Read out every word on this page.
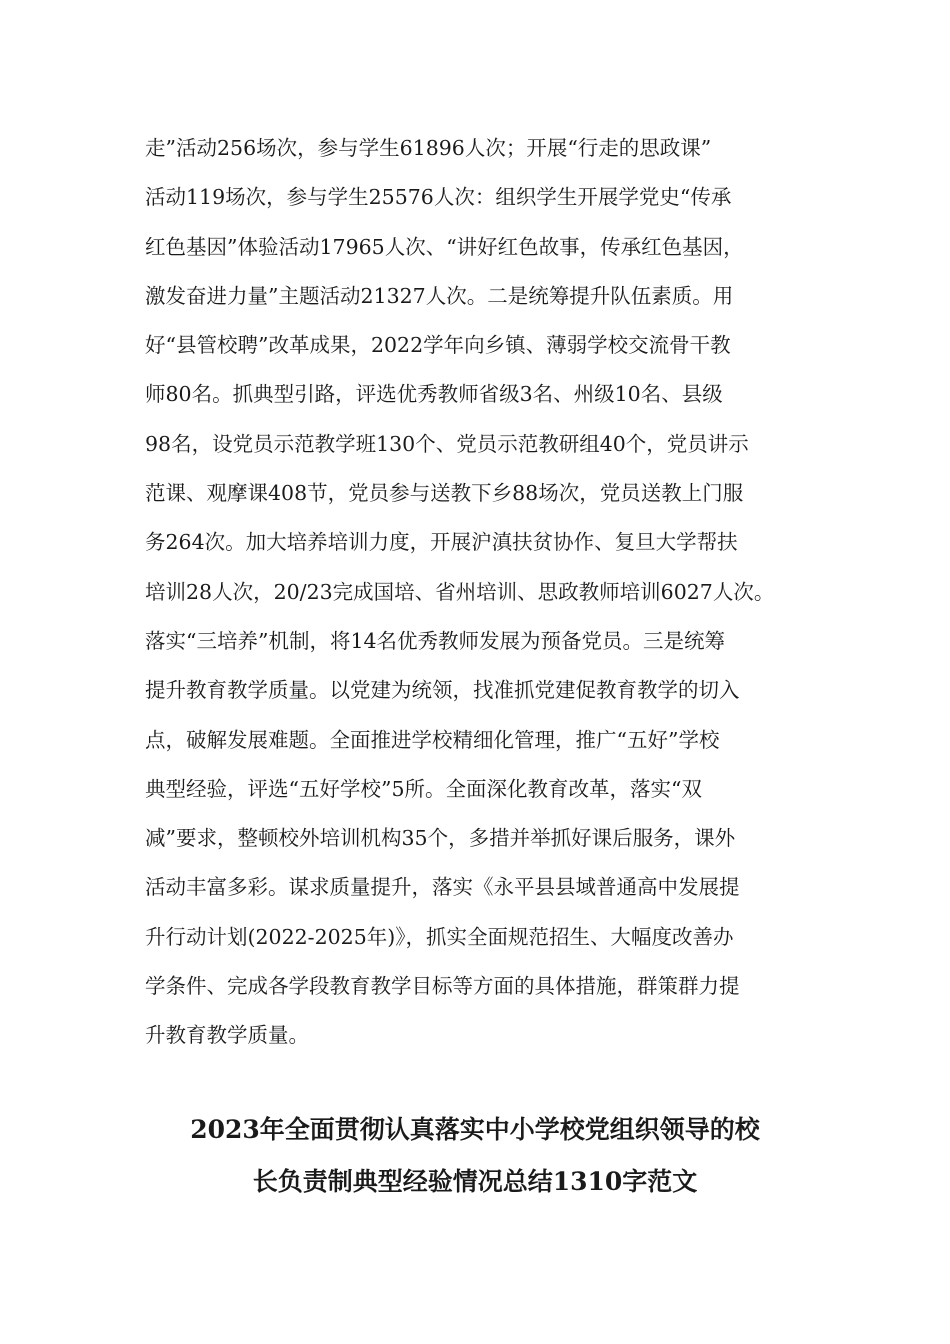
走”活动256场次，参与学生61896人次；开展“行走的思政课”
活动119场次，参与学生25576人次：组织学生开展学党史“传承
红色基因”体验活动17965人次、“讲好红色故事，传承红色基因，
激发奋进力量”主题活动21327人次。二是统筹提升队伍素质。用
好“县管校聘”改革成果，2022学年向乡镇、薄弱学校交流骨干教
师80名。抓典型引路，评选优秀教师省级3名、州级10名、县级
98名，设党员示范教学班130个、党员示范教研组40个，党员讲示
范课、观摩课408节，党员参与送教下乡88场次，党员送教上门服
务264次。加大培养培训力度，开展沪滇扶贫协作、复旦大学帮扶
培训28人次，20/23完成国培、省州培训、思政教师培训6027人次。
落实“三培养”机制，将14名优秀教师发展为预备党员。三是统筹
提升教育教学质量。以党建为统领，找准抓党建促教育教学的切入
点，破解发展难题。全面推进学校精细化管理，推广“五好”学校
典型经验，评选“五好学校”5所。全面深化教育改革，落实“双
减”要求，整顿校外培训机构35个，多措并举抓好课后服务，课外
活动丰富多彩。谋求质量提升，落实《永平县县域普通高中发展提
升行动计划(2022-2025年)》，抓实全面规范招生、大幅度改善办
学条件、完成各学段教育教学目标等方面的具体措施，群策群力提
升教育教学质量。
2023年全面贯彻认真落实中小学校党组织领导的校
长负责制典型经验情况总结1310字范文
